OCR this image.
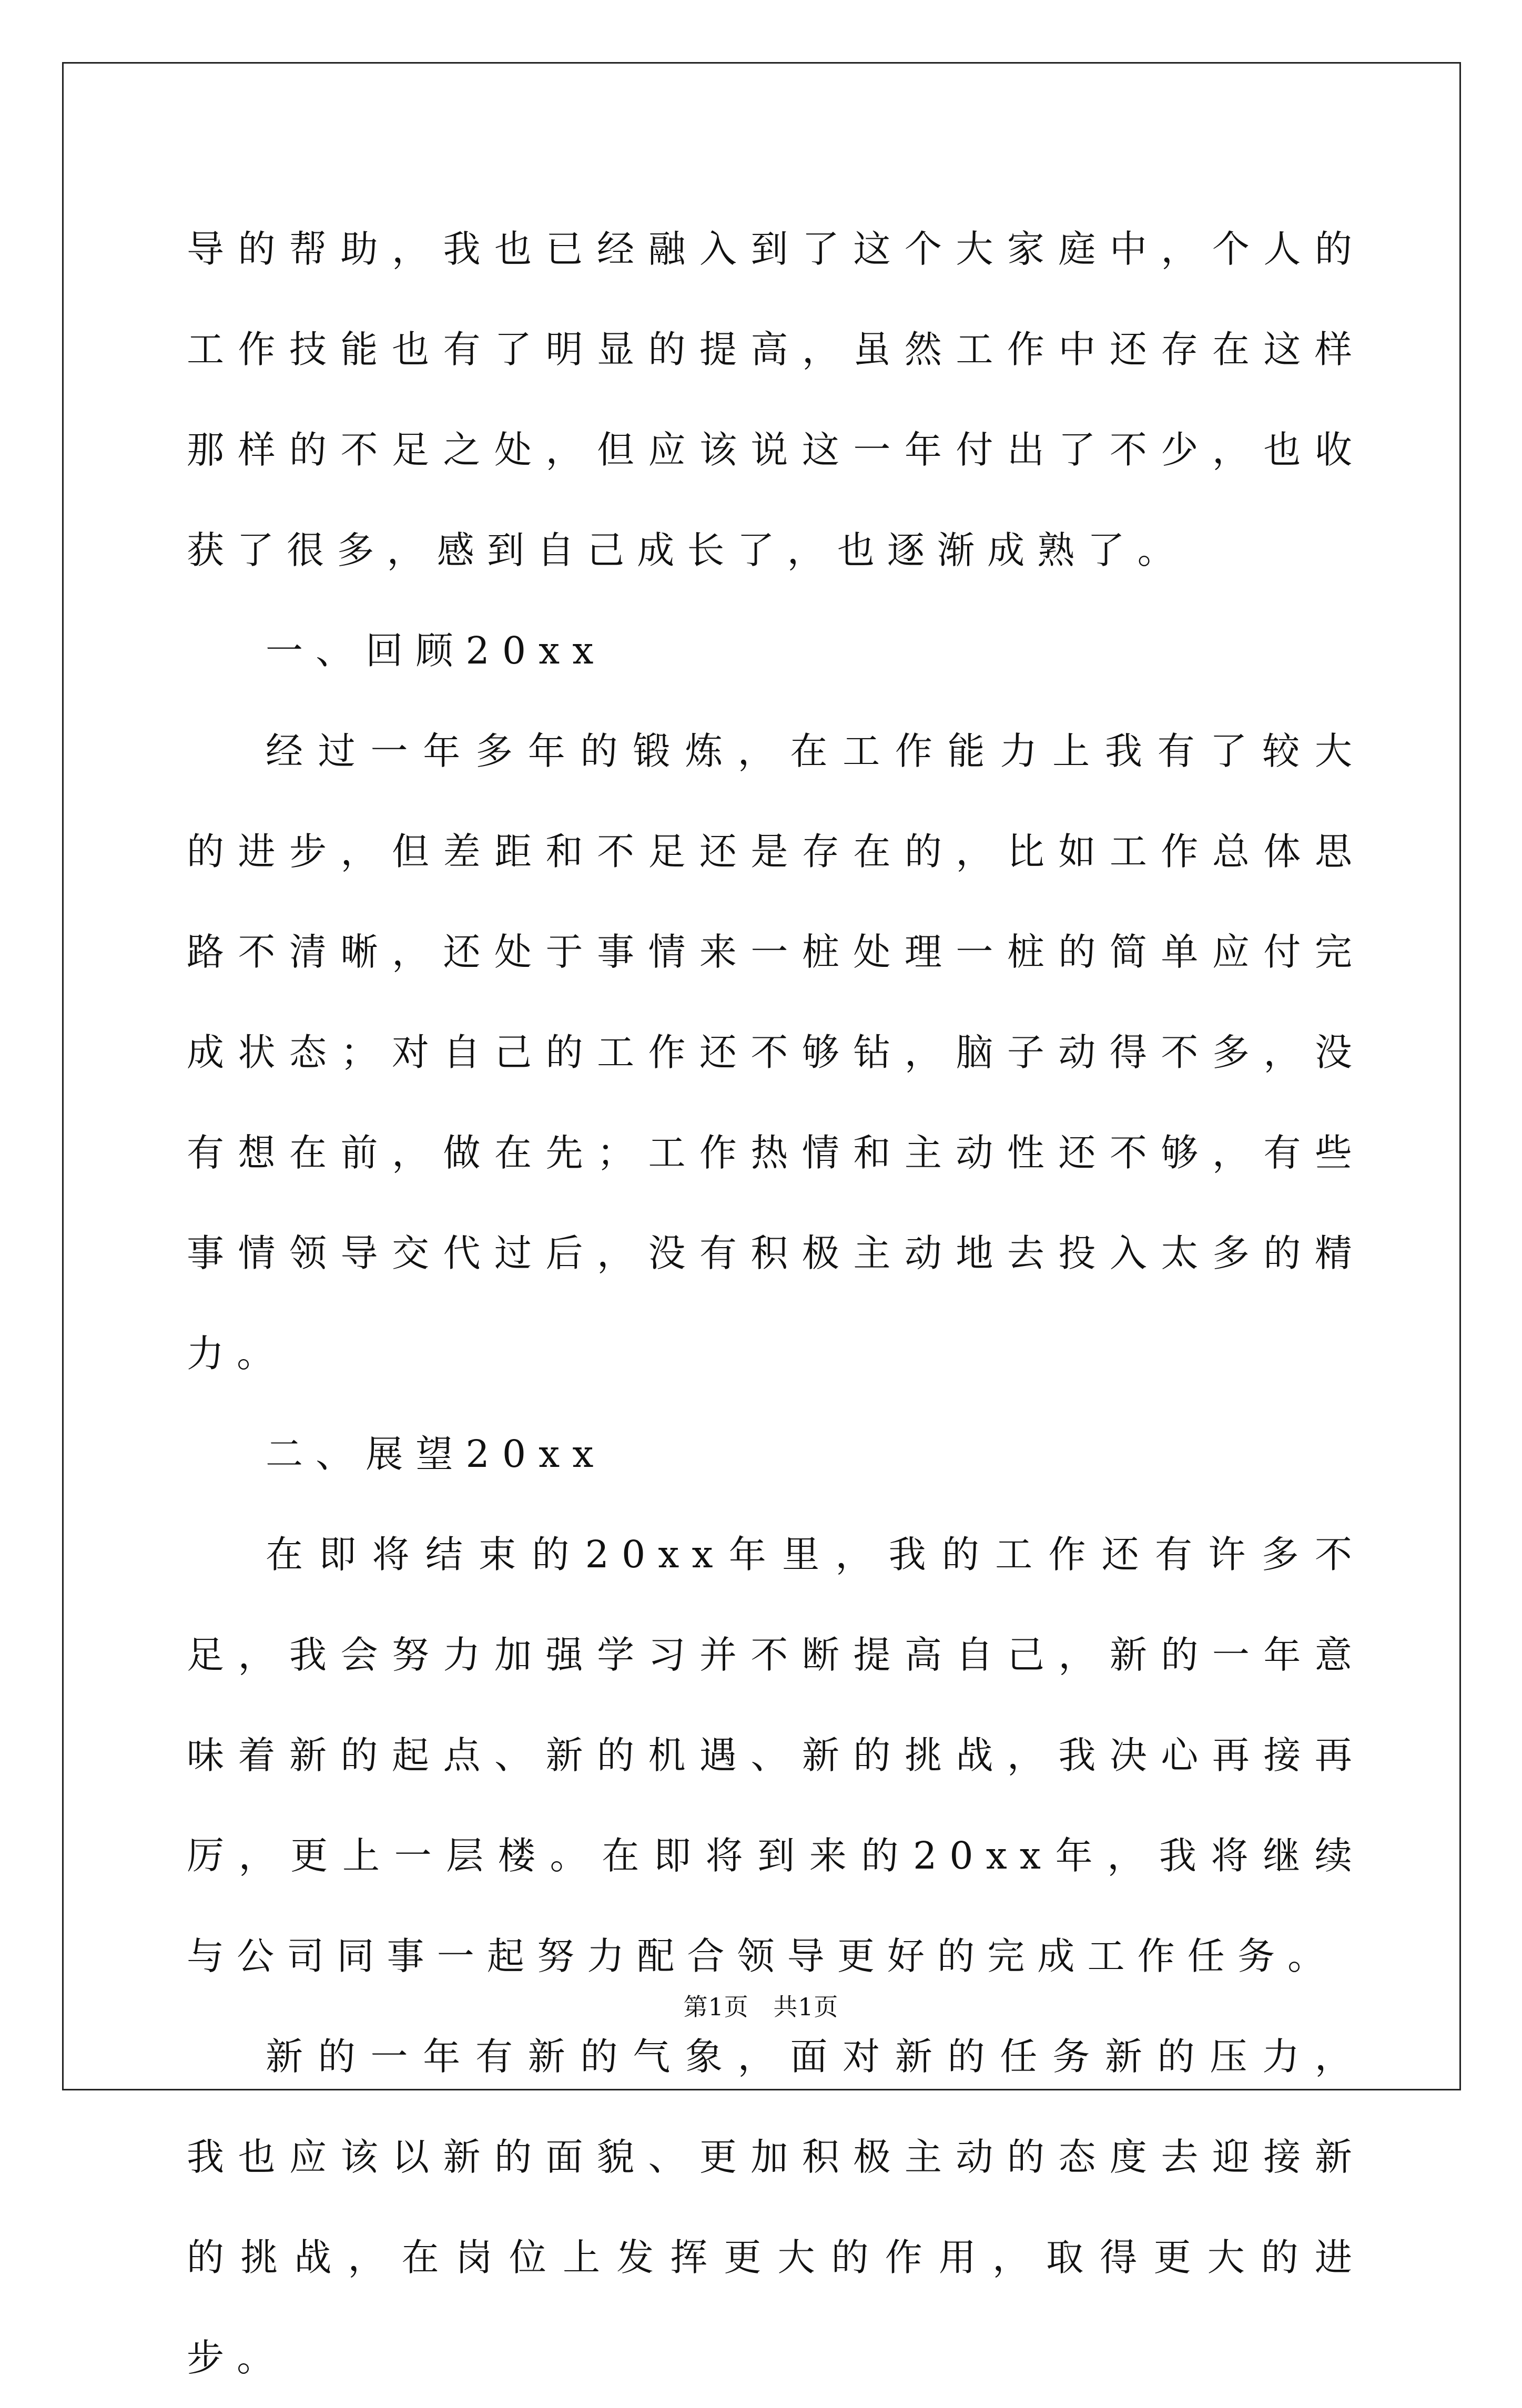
导的帮助，我也已经融入到了这个大家庭中，个人的工作技能也有了明显的提高，虽然工作中还存在这样那样的不足之处，但应该说这一年付出了不少，也收获了很多，感到自己成长了，也逐渐成熟了。

一、回顾20xx

经过一年多年的锻炼，在工作能力上我有了较大的进步，但差距和不足还是存在的，比如工作总体思路不清晰，还处于事情来一桩处理一桩的简单应付完成状态；对自己的工作还不够钻，脑子动得不多，没有想在前，做在先；工作热情和主动性还不够，有些事情领导交代过后，没有积极主动地去投入太多的精力。

二、展望20xx

在即将结束的20xx年里，我的工作还有许多不足，我会努力加强学习并不断提高自己，新的一年意味着新的起点、新的机遇、新的挑战，我决心再接再厉，更上一层楼。在即将到来的20xx年，我将继续与公司同事一起努力配合领导更好的完成工作任务。

新的一年有新的气象，面对新的任务新的压力，我也应该以新的面貌、更加积极主动的态度去迎接新的挑战，在岗位上发挥更大的作用，取得更大的进步。

第1页 共1页
